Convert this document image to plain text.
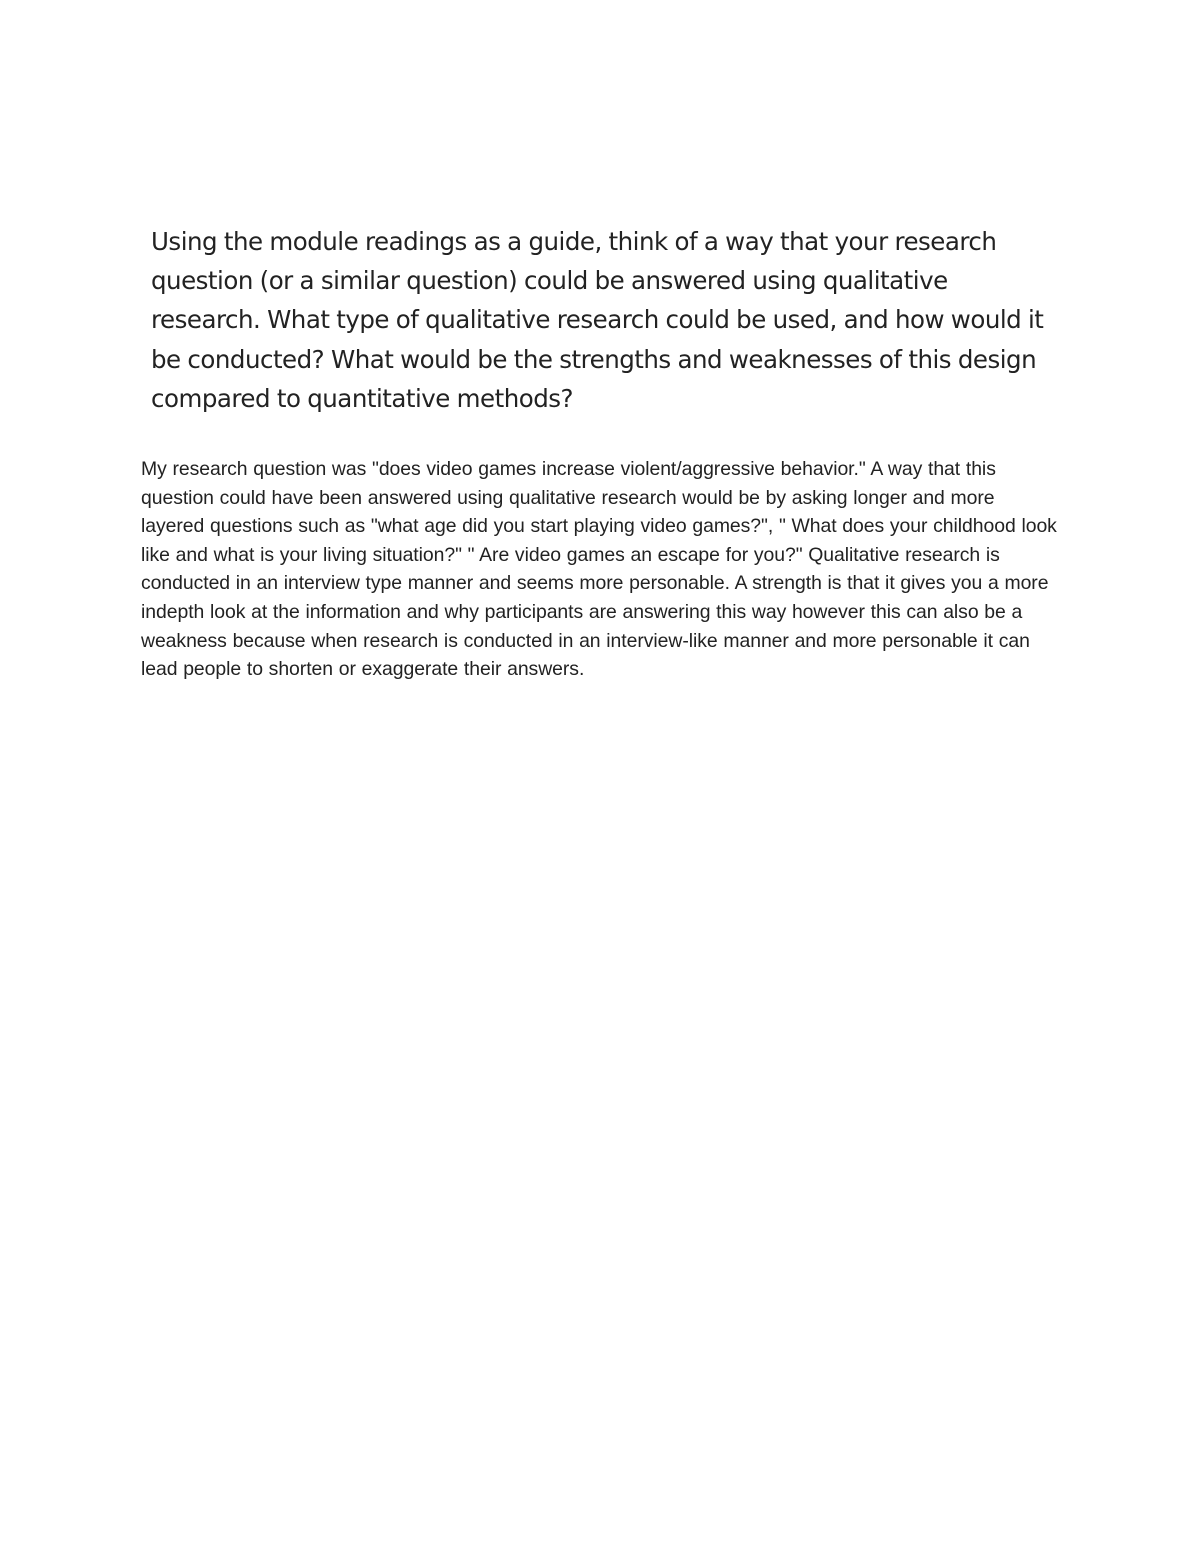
Using the module readings as a guide, think of a way that your research question (or a similar question) could be answered using qualitative research. What type of qualitative research could be used, and how would it be conducted? What would be the strengths and weaknesses of this design compared to quantitative methods?

My research question was "does video games increase violent/aggressive behavior." A way that this question could have been answered using qualitative research would be by asking longer and more layered questions such as "what age did you start playing video games?", " What does your childhood look like and what is your living situation?" " Are video games an escape for you?" Qualitative research is conducted in an interview type manner and seems more personable. A strength is that it gives you a more indepth look at the information and why participants are answering this way however this can also be a weakness because when research is conducted in an interview-like manner and more personable it can lead people to shorten or exaggerate their answers.
